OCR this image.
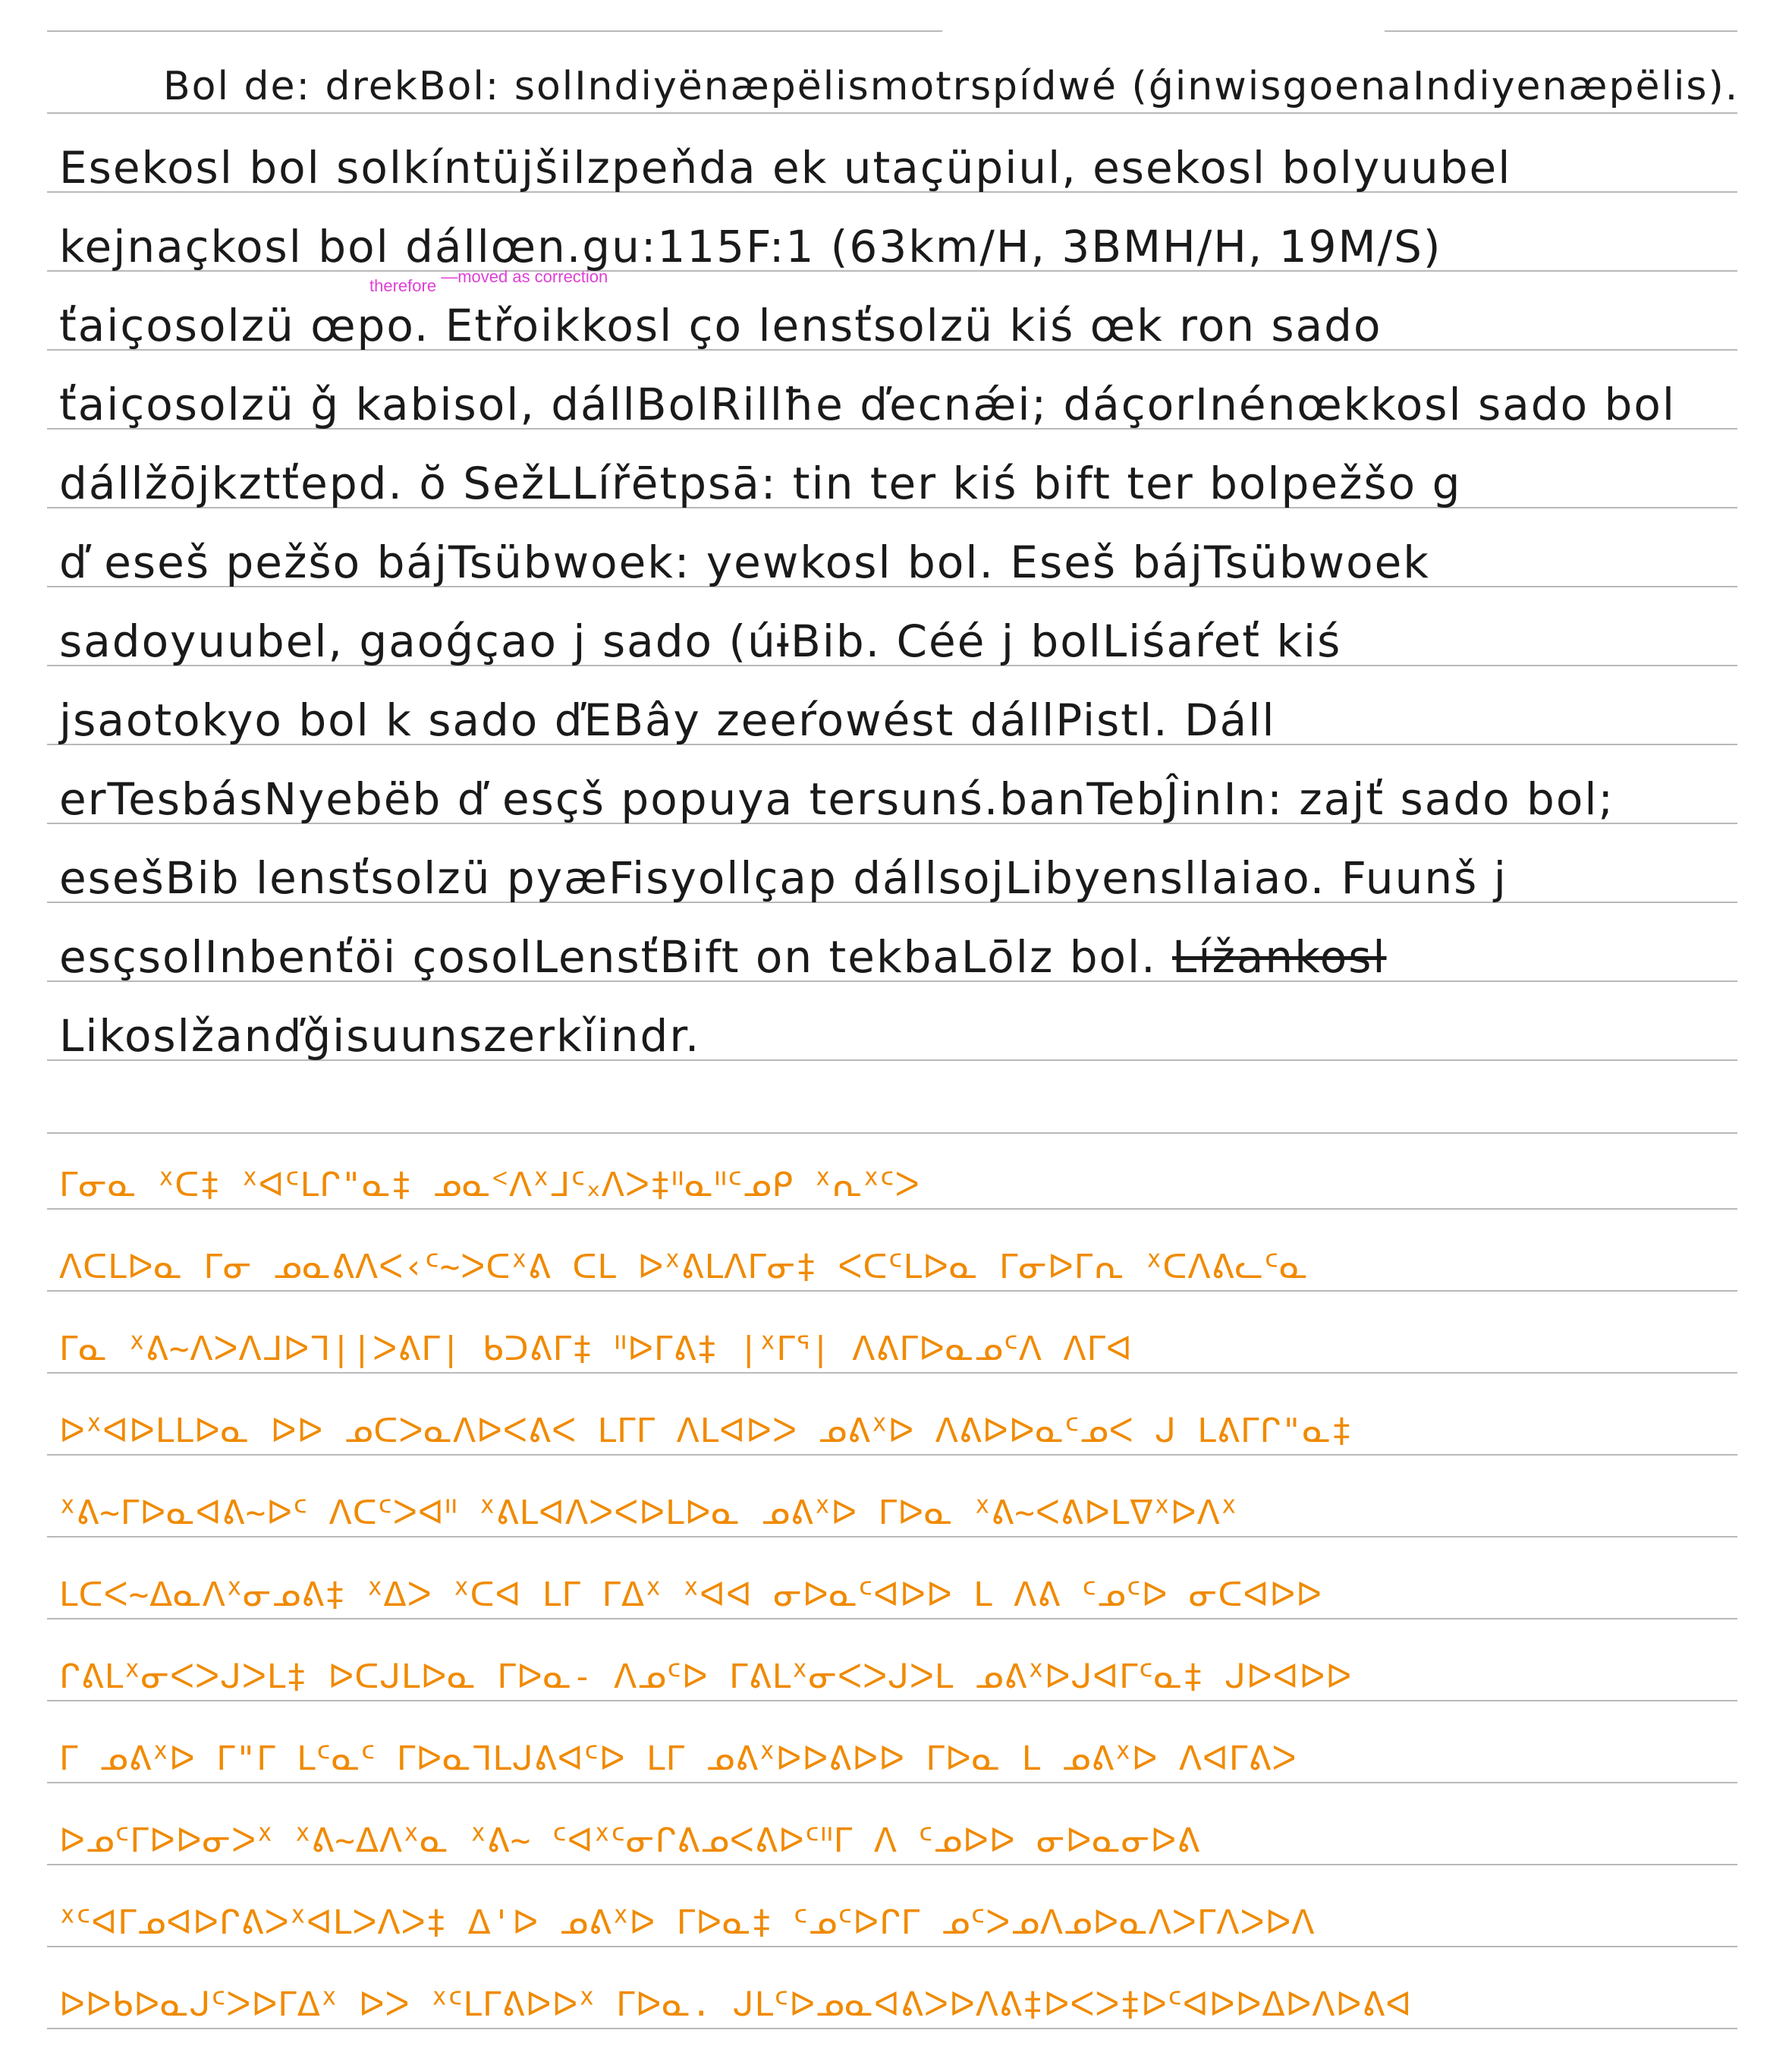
Bol de: drekBol: solIndiyënæpëlismotrspídwé (ǵinwisgoenaIndiyenæpëlis).
Esekosl bol solkíntüjšilzpeňda ek utaçüpiul, esekosl bolyuubel
kejnaçkosl bol dállœn.gu:115F:1 (63km/H, 3BMH/H, 19M/S)
ťaiçosolzü œpo. Etřoikkosl ço lensťsolzü kiś œk ron sado
ťaiçosolzü ǧ kabisol, dállBolRillħe ďecnǽi; dáçorInénœkkosl sado bol
dállžōjkztťepd. ŏ SežLLířētpsā: tin ter kiś bift ter bolpežšo g
ď eseš pežšo bájTsübwoek: yewkosl bol. Eseš bájTsübwoek
sadoyuubel, gaoǵçao j sado (úɨBib. Céé j bolLiśaŕeť kiś
jsaotokyo bol k sado ďEBây zeeŕowést dállPistl. Dáll
erTesbásNyebëb ď esçš popuya tersunś.banTebĴinIn: zajť sado bol;
esešBib lensťsolzü pyæFisyollçap dállsojLibyensllaiao. Fuunš j
esçsolInbenťöi çosolLensťBift on tekbaLōlz bol. Lížankosl
Likoslžanďǧisuunszerkǐindr.
therefore —moved as correction
ᒥᓂᓇ ᕽᑕ‡ ᕽᐊᑦᒪᒋ"ᓇ‡ ᓄᓇᑉᐱᕽᒧᑦ᙮ᐱᐳ‡ᐦᓇᐦᑦᓄᑭ ᕽᕆᕽᑦᐳ
ᐱᑕᒪᐅᓇ ᒥᓂ ᓄᓇᕕᐱᐸ‹ᑦ~ᐳᑕᕽᕕ ᑕᒪ ᐅᕽᕕᒪᐱᒥᓂ‡ ᐸᑕᑦᒪᐅᓇ ᒥᓂᐅᒥᕆ ᕽᑕᐱᕕᓚᑦᓇ
ᒥᓇ ᕽᕕ~ᐱᐳᐱᒧᐅᒣ||ᐳᕕᒥ| ᑲᑐᕕᒥ‡ ᐦᐅᒥᕕ‡ |ᕽᒥᕐ| ᐱᕕᒥᐅᓇᓄᑦᐱ ᐱᒥᐊ
ᐅᕽᐊᐅᒪᒪᐅᓇ ᐅᐅ ᓄᑕᐳᓇᐱᐅᐸᕕᐸ ᒪᒥᒥ ᐱᒪᐊᐅᐳ ᓄᕕᕽᐅ ᐱᕕᐅᐅᓇᑦᓄᐸ ᒍ ᒪᕕᒥᒋ"ᓇ‡
ᕽᕕ~ᒥᐅᓇᐊᕕ~ᐅᑦ ᐱᑕᑦᐳᐊᐦ ᕽᕕᒪᐊᐱᐳᐸᐅᒪᐅᓇ ᓄᕕᕽᐅ ᒥᐅᓇ ᕽᕕ~ᐸᕕᐅᒪᐁᕽᐅᐱᕽ
ᒪᑕᐸ~ᐃᓇᐱᕽᓂᓄᕕ‡ ᕽᐃᐳ ᕽᑕᐊ ᒪᒥ ᒥᐃᕽ ᕽᐊᐊ ᓂᐅᓇᑦᐊᐅᐅ ᒪ ᐱᕕ ᑦᓄᑦᐅ ᓂᑕᐊᐅᐅ
ᒋᕕᒪᕽᓂᐸᐳᒍᐳᒪ‡ ᐅᑕᒍᒪᐅᓇ ᒥᐅᓇ- ᐱᓄᑦᐅ ᒥᕕᒪᕽᓂᐸᐳᒍᐳᒪ ᓄᕕᕽᐅᒍᐊᒥᑦᓇ‡ ᒍᐅᐊᐅᐅ
ᒥ ᓄᕕᕽᐅ ᒥ"ᒥ ᒪᑦᓇᑦ ᒥᐅᓇᒣᒪᒍᕕᐊᑦᐅ ᒪᒥ ᓄᕕᕽᐅᐅᕕᐅᐅ ᒥᐅᓇ ᒪ ᓄᕕᕽᐅ ᐱᐊᒥᕕᐳ
ᐅᓄᑦᒥᐅᐅᓂᐳᕽ ᕽᕕ~ᐃᐱᕽᓇ ᕽᕕ~ ᑦᐊᕽᑦᓂᒋᕕᓄᐸᕕᐅᑦᐦᒥ ᐱ ᑦᓄᐅᐅ ᓂᐅᓇᓂᐅᕕ
ᕽᑦᐊᒥᓄᐊᐅᒋᕕᐳᕽᐊᒪᐳᐱᐳ‡ ᐃ'ᐅ ᓄᕕᕽᐅ ᒥᐅᓇ‡ ᑦᓄᑦᐅᒋᒥ ᓄᑦᐳᓄᐱᓄᐅᓇᐱᐳᒥᐱᐳᐅᐱ
ᐅᐅᑲᐅᓇᒍᑦᐳᐅᒥᐃᕽ ᐅᐳ ᕽᑦᒪᒥᕕᐅᐅᕽ ᒥᐅᓇ. ᒍᒪᑦᐅᓄᓇᐊᕕᐳᐅᐱᕕ‡ᐅᐸᐳ‡ᐅᑦᐊᐅᐅᐃᐅᐱᐅᕕᐊ
